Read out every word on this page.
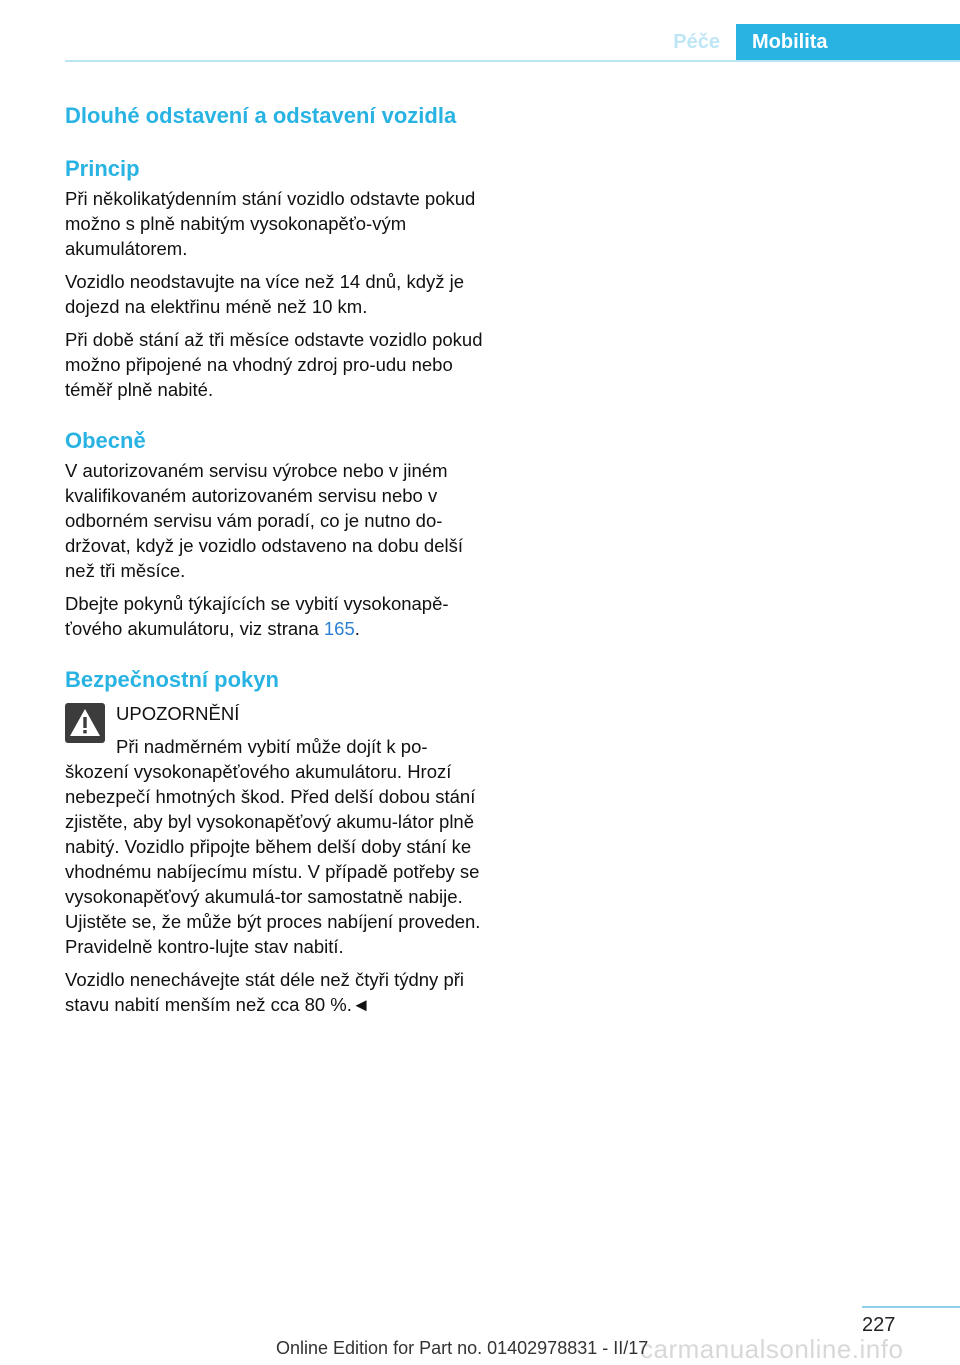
Péče	Mobilita
Dlouhé odstavení a odstavení vozidla
Princip

Při několikatýdenním stání vozidlo odstavte pokud možno s plně nabitým vysokonapěťo-vým akumulátorem.

Vozidlo neodstavujte na více než 14 dnů, když je dojezd na elektřinu méně než 10 km.

Při době stání až tři měsíce odstavte vozidlo pokud možno připojené na vhodný zdroj pro-udu nebo téměř plně nabité.

Obecně

V autorizovaném servisu výrobce nebo v jiném kvalifikovaném autorizovaném servisu nebo v odborném servisu vám poradí, co je nutno do-držovat, když je vozidlo odstaveno na dobu delší než tři měsíce.

Dbejte pokynů týkajících se vybití vysokonapě-ťového akumulátoru, viz strana 165.

Bezpečnostní pokyn

UPOZORNĚNÍ

Při nadměrném vybití může dojít k po-škození vysokonapěťového akumulátoru. Hrozí nebezpečí hmotných škod. Před delší dobou stání zjistěte, aby byl vysokonapěťový akumu-látor plně nabitý. Vozidlo připojte během delší doby stání ke vhodnému nabíjecímu místu. V případě potřeby se vysokonapěťový akumulá-tor samostatně nabije. Ujistěte se, že může být proces nabíjení proveden. Pravidelně kontro-lujte stav nabití.

Vozidlo nenechávejte stát déle než čtyři týdny při stavu nabití menším než cca 80 %.◄

227
carmanualsonline.info
Online Edition for Part no. 01402978831 - II/17
